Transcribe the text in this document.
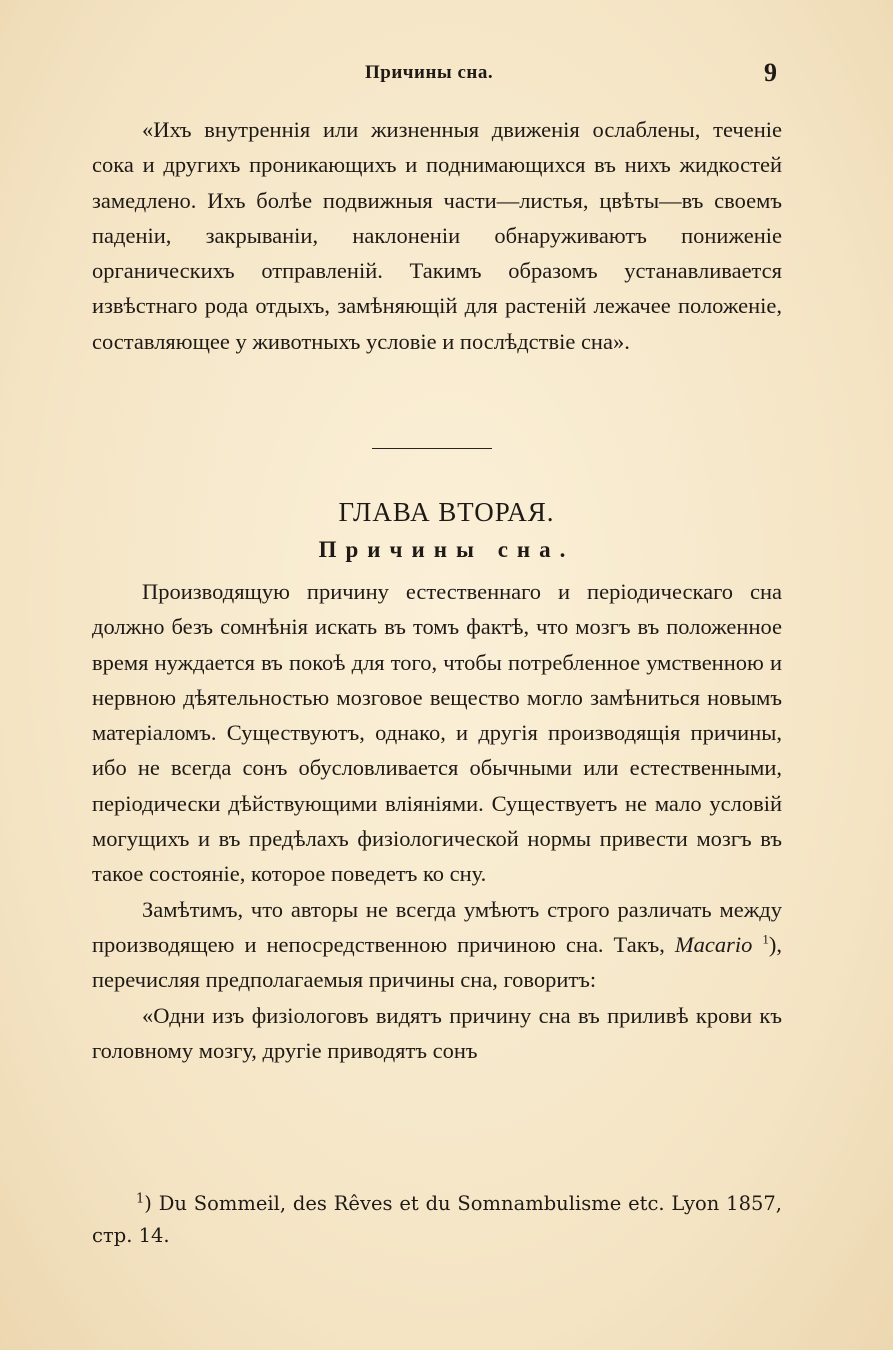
Причины сна.	9

«Ихъ внутреннія или жизненныя движенія ослаблены, теченіе сока и другихъ проникающихъ и поднимающихся въ нихъ жидкостей замедлено. Ихъ болѣе подвижныя части—листья, цвѣты—въ своемъ паденіи, закрываніи, наклоненіи обнаруживаютъ пониженіе органическихъ отправленій. Такимъ образомъ устанавливается извѣстнаго рода отдыхъ, замѣняющій для растеній лежачее положеніе, составляющее у животныхъ условіе и послѣдствіе сна».

ГЛАВА ВТОРАЯ.
Причины сна.

Производящую причину естественнаго и періодическаго сна должно безъ сомнѣнія искать въ томъ фактѣ, что мозгъ въ положенное время нуждается въ покоѣ для того, чтобы потребленное умственною и нервною дѣятельностью мозговое вещество могло замѣниться новымъ матеріаломъ. Существуютъ, однако, и другія производящія причины, ибо не всегда сонъ обусловливается обычными или естественными, періодически дѣйствующими вліяніями. Существуетъ не мало условій могущихъ и въ предѣлахъ физіологической нормы привести мозгъ въ такое состояніе, которое поведетъ ко сну.

Замѣтимъ, что авторы не всегда умѣютъ строго различать между производящею и непосредственною причиною сна. Такъ, Macario $^1$), перечисляя предполагаемыя причины сна, говоритъ:

«Одни изъ физіологовъ видятъ причину сна въ приливѣ крови къ головному мозгу, другіе приводятъ сонъ

$^1$) Du Sommeil, des Rêves et du Somnambulisme etc. Lyon 1857, стр. 14.
